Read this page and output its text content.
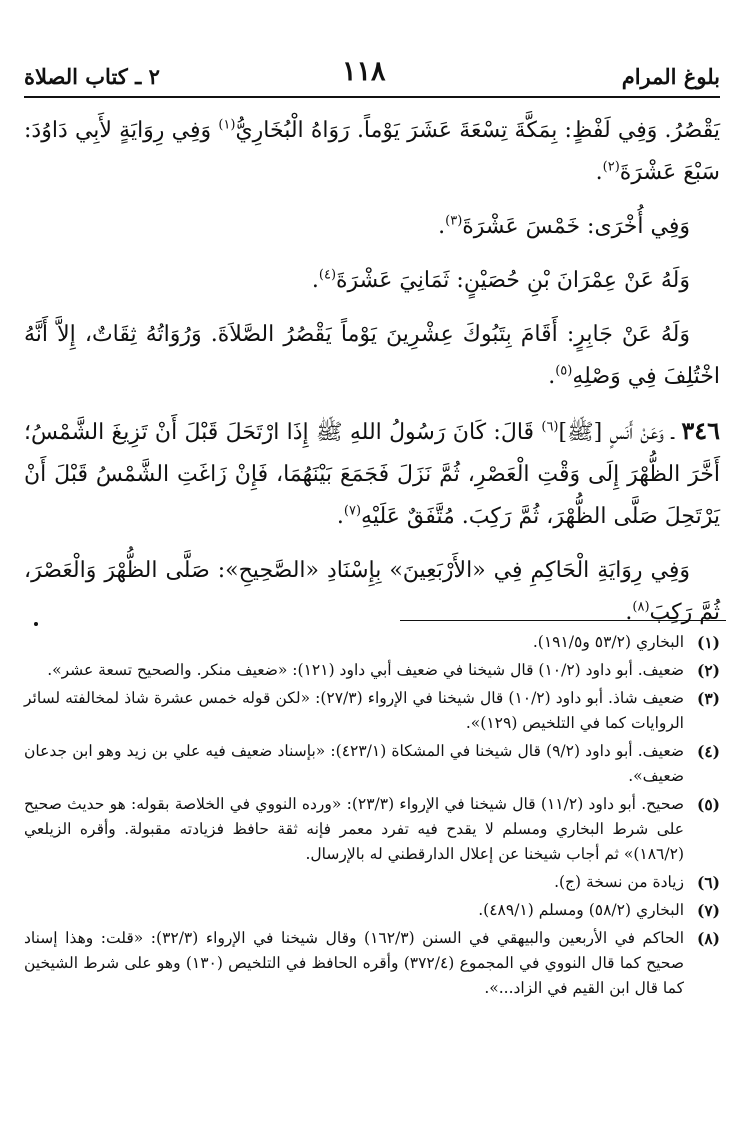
بلوغ المرام
١١٨
٢ ـ كتاب الصلاة

يَقْصُرُ. وَفِي لَفْظٍ: بِمَكَّةَ تِسْعَةَ عَشَرَ يَوْماً. رَوَاهُ الْبُخَارِيُّ$^{(١)}$ وَفِي رِوَايَةٍ لأَبِي دَاوُدَ: سَبْعَ عَشْرَةَ$^{(٢)}$.

وَفِي أُخْرَى: خَمْسَ عَشْرَةَ$^{(٣)}$.

وَلَهُ عَنْ عِمْرَانَ بْنِ حُصَيْنٍ: ثَمَانِيَ عَشْرَةَ$^{(٤)}$.

وَلَهُ عَنْ جَابِرٍ: أَقَامَ بِتَبُوكَ عِشْرِينَ يَوْماً يَقْصُرُ الصَّلاَةَ. وَرُوَاتُهُ ثِقَاتٌ، إِلاَّ أَنَّهُ اخْتُلِفَ فِي وَصْلِهِ$^{(٥)}$.

٣٤٦ ـ وَعَنْ أَنَسٍ [ﷺ]$^{(٦)}$ قَالَ: كَانَ رَسُولُ اللهِ ﷺ إِذَا ارْتَحَلَ قَبْلَ أَنْ تَزِيغَ الشَّمْسُ؛ أَخَّرَ الظُّهْرَ إِلَى وَقْتِ الْعَصْرِ، ثُمَّ نَزَلَ فَجَمَعَ بَيْنَهُمَا، فَإِنْ زَاغَتِ الشَّمْسُ قَبْلَ أَنْ يَرْتَحِلَ صَلَّى الظُّهْرَ، ثُمَّ رَكِبَ. مُتَّفَقٌ عَلَيْهِ$^{(٧)}$.

وَفِي رِوَايَةِ الْحَاكِمِ فِي «الأَرْبَعِينَ» بِإِسْنَادِ «الصَّحِيحِ»: صَلَّى الظُّهْرَ وَالْعَصْرَ، ثُمَّ رَكِبَ$^{(٨)}$.

(١)
البخاري (٥٣/٢ و١٩١/٥).
(٢)
ضعيف. أبو داود (١٠/٢) قال شيخنا في ضعيف أبي داود (١٢١): «ضعيف منكر. والصحيح تسعة عشر».
(٣)
ضعيف شاذ. أبو داود (١٠/٢) قال شيخنا في الإرواء (٢٧/٣): «لكن قوله خمس عشرة شاذ لمخالفته لسائر الروايات كما في التلخيص (١٢٩)».
(٤)
ضعيف. أبو داود (٩/٢) قال شيخنا في المشكاة (٤٢٣/١): «بإسناد ضعيف فيه علي بن زيد وهو ابن جدعان ضعيف».
(٥)
صحيح. أبو داود (١١/٢) قال شيخنا في الإرواء (٢٣/٣): «ورده النووي في الخلاصة بقوله: هو حديث صحيح على شرط البخاري ومسلم لا يقدح فيه تفرد معمر فإنه ثقة حافظ فزيادته مقبولة. وأقره الزيلعي (١٨٦/٢)» ثم أجاب شيخنا عن إعلال الدارقطني له بالإرسال.
(٦)
زيادة من نسخة (ج).
(٧)
البخاري (٥٨/٢) ومسلم (٤٨٩/١).
(٨)
الحاكم في الأربعين والبيهقي في السنن (١٦٢/٣) وقال شيخنا في الإرواء (٣٢/٣): «قلت: وهذا إسناد صحيح كما قال النووي في المجموع (٣٧٢/٤) وأقره الحافظ في التلخيص (١٣٠) وهو على شرط الشيخين كما قال ابن القيم في الزاد...».
